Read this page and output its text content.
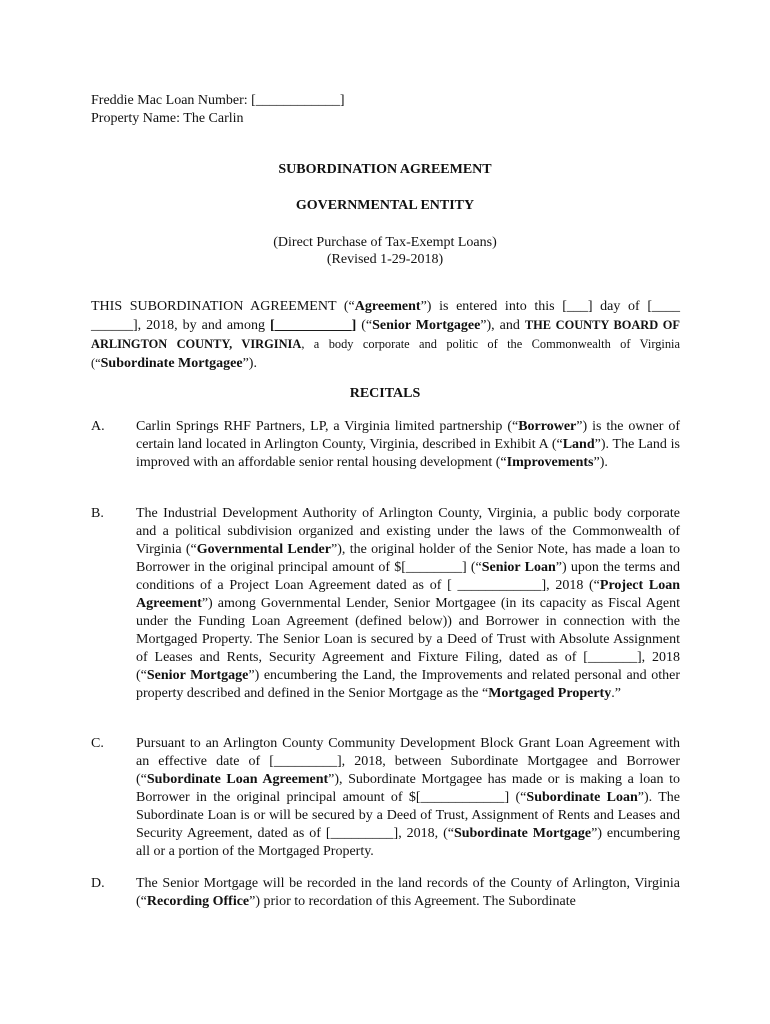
Freddie Mac Loan Number: [____________]
Property Name: The Carlin
SUBORDINATION AGREEMENT
GOVERNMENTAL ENTITY
(Direct Purchase of Tax-Exempt Loans)
(Revised 1-29-2018)
THIS SUBORDINATION AGREEMENT (“Agreement”) is entered into this [___] day of [____ ______], 2018, by and among [___________] (“Senior Mortgagee”), and THE COUNTY BOARD OF ARLINGTON COUNTY, VIRGINIA, a body corporate and politic of the Commonwealth of Virginia (“Subordinate Mortgagee”).
RECITALS
A. Carlin Springs RHF Partners, LP, a Virginia limited partnership (“Borrower”) is the owner of certain land located in Arlington County, Virginia, described in Exhibit A (“Land”). The Land is improved with an affordable senior rental housing development (“Improvements”).
B. The Industrial Development Authority of Arlington County, Virginia, a public body corporate and a political subdivision organized and existing under the laws of the Commonwealth of Virginia (“Governmental Lender”), the original holder of the Senior Note, has made a loan to Borrower in the original principal amount of $[________] (“Senior Loan”) upon the terms and conditions of a Project Loan Agreement dated as of [ ____________], 2018 (“Project Loan Agreement”) among Governmental Lender, Senior Mortgagee (in its capacity as Fiscal Agent under the Funding Loan Agreement (defined below)) and Borrower in connection with the Mortgaged Property. The Senior Loan is secured by a Deed of Trust with Absolute Assignment of Leases and Rents, Security Agreement and Fixture Filing, dated as of [_______], 2018 (“Senior Mortgage”) encumbering the Land, the Improvements and related personal and other property described and defined in the Senior Mortgage as the “Mortgaged Property.”
C. Pursuant to an Arlington County Community Development Block Grant Loan Agreement with an effective date of [_________], 2018, between Subordinate Mortgagee and Borrower (“Subordinate Loan Agreement”), Subordinate Mortgagee has made or is making a loan to Borrower in the original principal amount of $[____________] (“Subordinate Loan”). The Subordinate Loan is or will be secured by a Deed of Trust, Assignment of Rents and Leases and Security Agreement, dated as of [_________], 2018, (“Subordinate Mortgage”) encumbering all or a portion of the Mortgaged Property.
D. The Senior Mortgage will be recorded in the land records of the County of Arlington, Virginia (“Recording Office”) prior to recordation of this Agreement. The Subordinate
